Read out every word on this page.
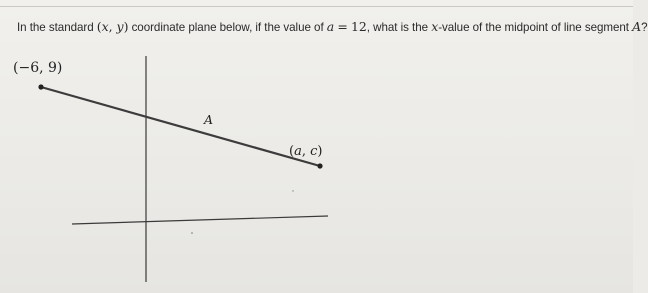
In the standard (x, y) coordinate plane below, if the value of a = 12, what is the x-value of the midpoint of line segment A?
(−6, 9)
A
(a, c)
